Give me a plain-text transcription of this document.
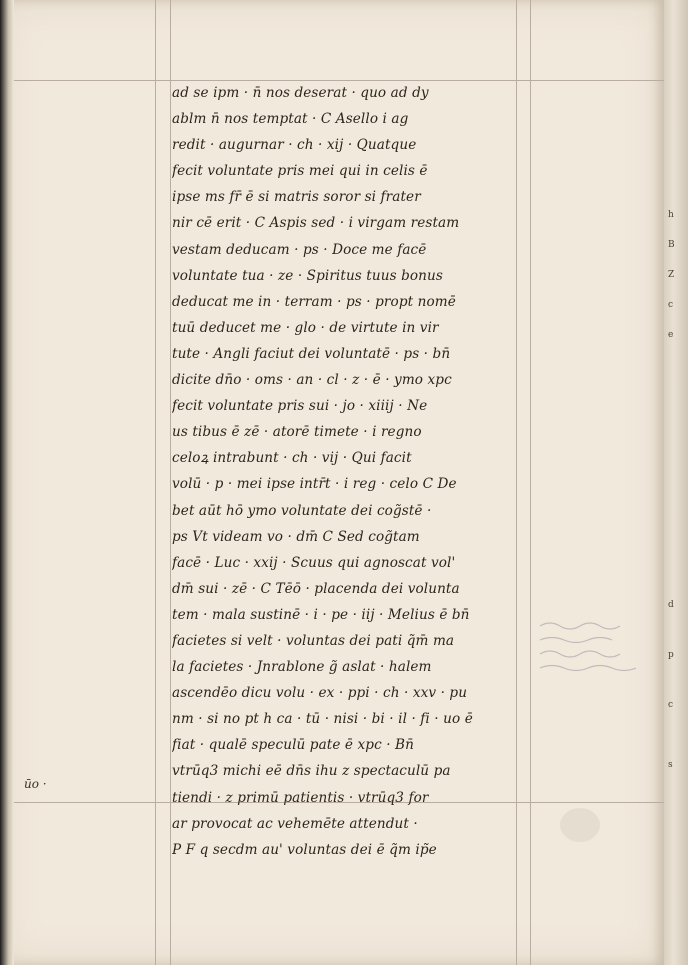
ad se ipm · n̄ nos deserat · quo ad dy
ablm n̄ nos temptat · C Asello i ag
redit · augurnar · ch · xij · Quatque
fecit voluntate pris mei qui in celis ē
ipse ms fr̄ ē si matris soror si frater
nir cē erit · C Aspis sed · i virgam restam
vestam deducam · ps · Doce me facē
voluntate tua · ze · Spiritus tuus bonus
deducat me in · terram · ps · propt nomē
tuū deducet me · glo · de virtute in vir
tute · Angli faciut dei voluntatē · ps · bn̄
dicite dn̄o · oms · an · cl · z · ē · ymo xpc
fecit voluntate pris sui · jo · xiiij · Ne
us tibus ē zē · atorē timete · i regno
celoꝝ intrabunt · ch · vij · Qui facit
volū · p · mei ipse intr̄t · i reg · celo C De
bet aūt hō ymo voluntate dei cog̃stē ·
ps Vt videam vo · dm̄ C Sed cog̃tam
facē · Luc · xxij · Scuus qui agnoscat vol'
dm̄ sui · zē · C Tēō · placenda dei volunta
tem · mala sustinē · i · pe · iij · Melius ē bn̄
facietes si velt · voluntas dei pati q̃m̄ ma
la facietes · Jnrablone g̃ aslat · halem
ascendēo dicu volu · ex · ppi · ch · xxv · pu
nm · si no pt h ca · tū · nisi · bi · il · fi · uo ē
fiat · qualē speculū pate ē xpc · Bn̄
vtrūq3 michi eē dn̄s ihu z spectaculū pa
tiendi · z primū patientis · vtrūq3 for
ar provocat ac vehemēte attendut ·
P F q secdm au' voluntas dei ē q̃m ip̃e
ūo ·
h
B
Z
c
e
d
p
c
s
